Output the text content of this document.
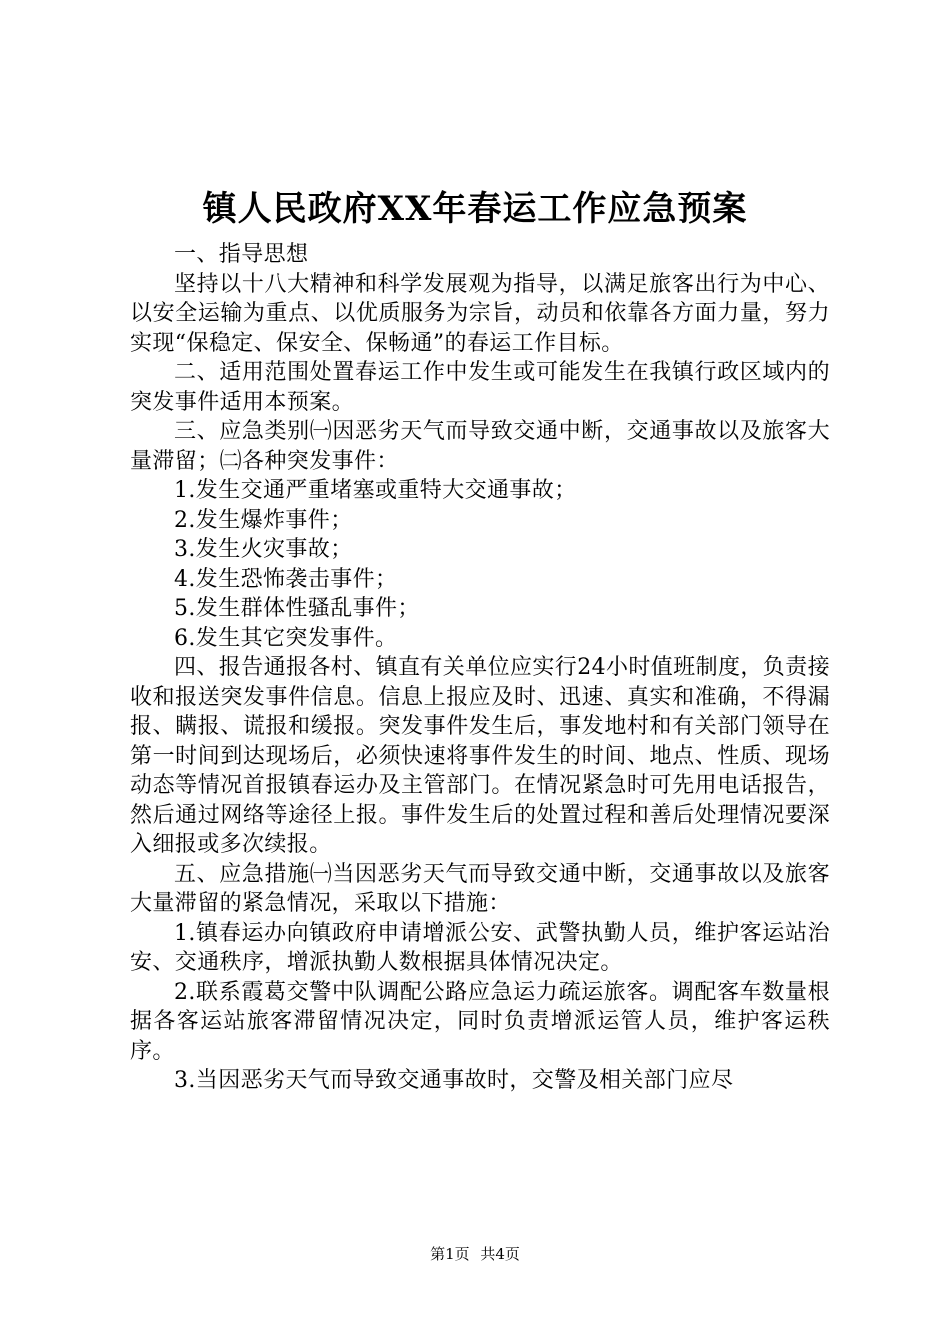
镇人民政府XX年春运工作应急预案

一、指导思想

坚持以十八大精神和科学发展观为指导，以满足旅客出行为中心、以安全运输为重点、以优质服务为宗旨，动员和依靠各方面力量，努力实现“保稳定、保安全、保畅通”的春运工作目标。

二、适用范围处置春运工作中发生或可能发生在我镇行政区域内的突发事件适用本预案。

三、应急类别㈠因恶劣天气而导致交通中断，交通事故以及旅客大量滞留；㈡各种突发事件：

1.发生交通严重堵塞或重特大交通事故；

2.发生爆炸事件；

3.发生火灾事故；

4.发生恐怖袭击事件；

5.发生群体性骚乱事件；

6.发生其它突发事件。

四、报告通报各村、镇直有关单位应实行24小时值班制度，负责接收和报送突发事件信息。信息上报应及时、迅速、真实和准确，不得漏报、瞒报、谎报和缓报。突发事件发生后，事发地村和有关部门领导在第一时间到达现场后，必须快速将事件发生的时间、地点、性质、现场动态等情况首报镇春运办及主管部门。在情况紧急时可先用电话报告，然后通过网络等途径上报。事件发生后的处置过程和善后处理情况要深入细报或多次续报。

五、应急措施㈠当因恶劣天气而导致交通中断，交通事故以及旅客大量滞留的紧急情况，采取以下措施：

1.镇春运办向镇政府申请增派公安、武警执勤人员，维护客运站治安、交通秩序，增派执勤人数根据具体情况决定。

2.联系霞葛交警中队调配公路应急运力疏运旅客。调配客车数量根据各客运站旅客滞留情况决定，同时负责增派运管人员，维护客运秩序。

3.当因恶劣天气而导致交通事故时，交警及相关部门应尽

第1页 共4页
